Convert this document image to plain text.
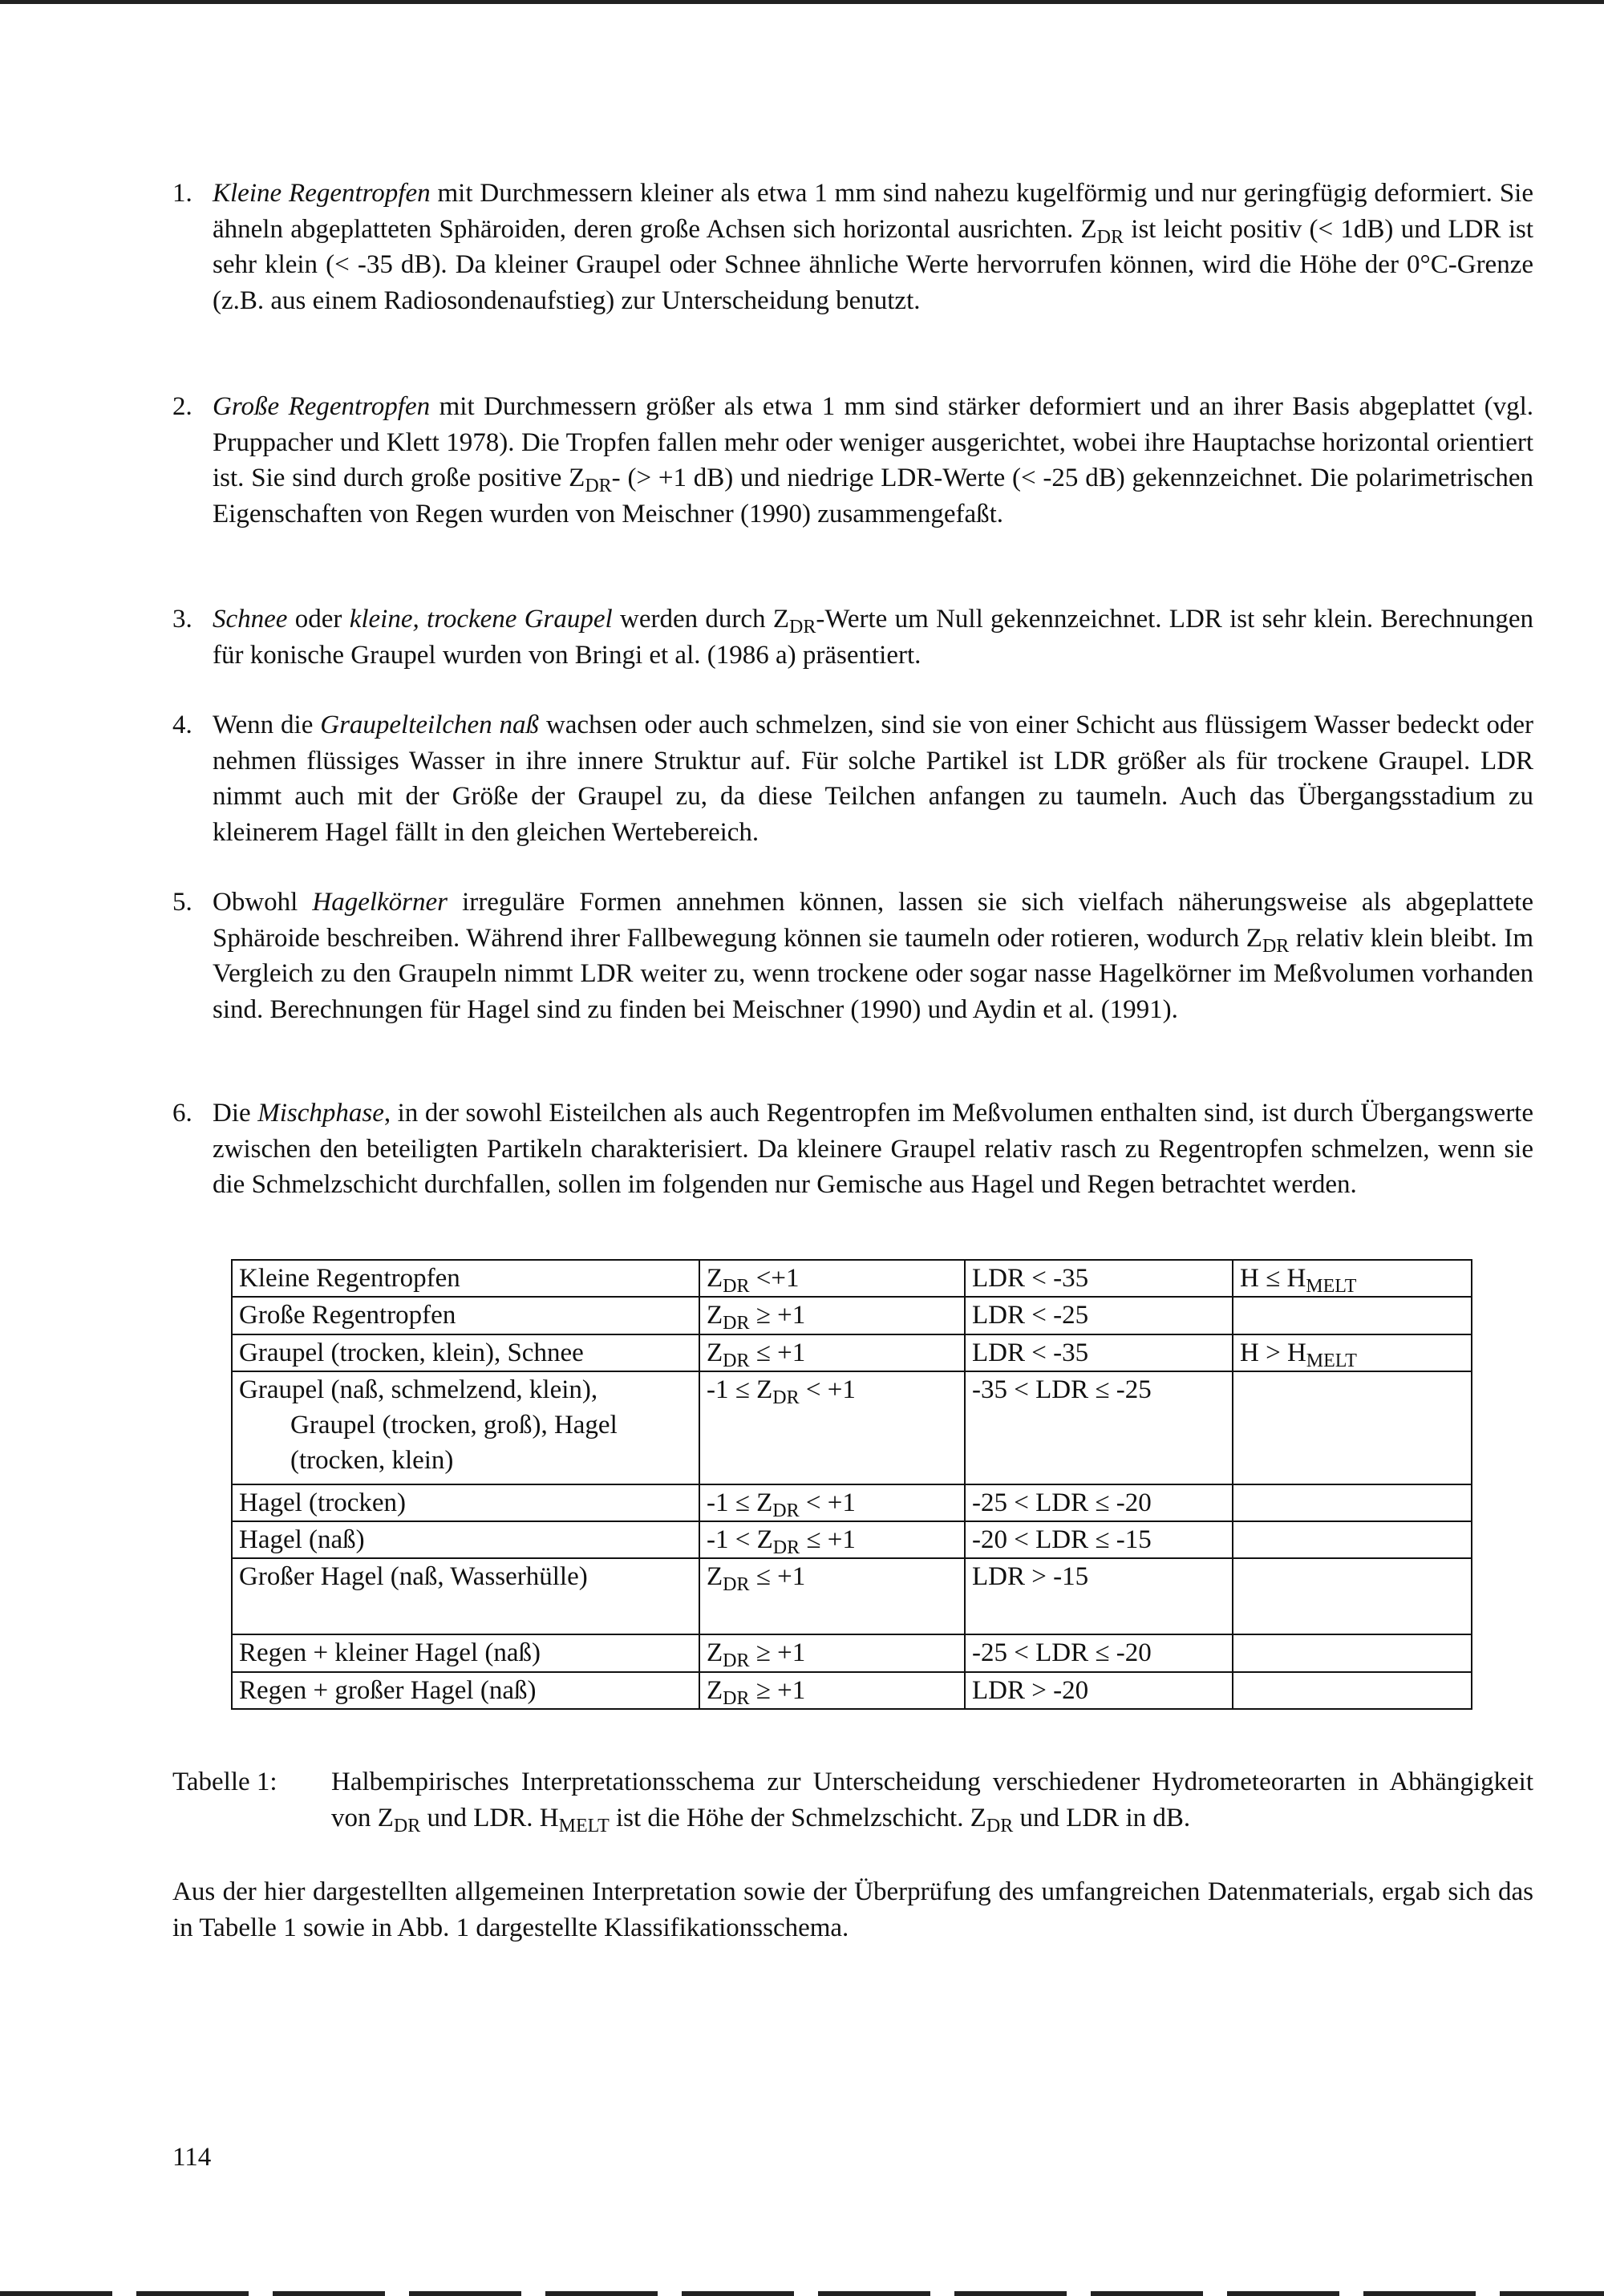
1. Kleine Regentropfen mit Durchmessern kleiner als etwa 1 mm sind nahezu kugelförmig und nur geringfügig deformiert. Sie ähneln abgeplatteten Sphäroiden, deren große Achsen sich horizontal ausrichten. $Z_{DR}$ ist leicht positiv (< 1dB) und LDR ist sehr klein (< -35 dB). Da kleiner Graupel oder Schnee ähnliche Werte hervorrufen können, wird die Höhe der 0°C-Grenze (z.B. aus einem Radiosondenaufstieg) zur Unterscheidung benutzt.
2. Große Regentropfen mit Durchmessern größer als etwa 1 mm sind stärker deformiert und an ihrer Basis abgeplattet (vgl. Pruppacher und Klett 1978). Die Tropfen fallen mehr oder weniger ausgerichtet, wobei ihre Hauptachse horizontal orientiert ist. Sie sind durch große positive $Z_{DR}-$ (> +1 dB) und niedrige LDR-Werte (< -25 dB) gekennzeichnet. Die polarimetrischen Eigenschaften von Regen wurden von Meischner (1990) zusammengefaßt.
3. Schnee oder kleine, trockene Graupel werden durch $Z_{DR}$-Werte um Null gekennzeichnet. LDR ist sehr klein. Berechnungen für konische Graupel wurden von Bringi et al. (1986 a) präsentiert.
4. Wenn die Graupelteilchen naß wachsen oder auch schmelzen, sind sie von einer Schicht aus flüssigem Wasser bedeckt oder nehmen flüssiges Wasser in ihre innere Struktur auf. Für solche Partikel ist LDR größer als für trockene Graupel. LDR nimmt auch mit der Größe der Graupel zu, da diese Teilchen anfangen zu taumeln. Auch das Übergangsstadium zu kleinerem Hagel fällt in den gleichen Wertebereich.
5. Obwohl Hagelkörner irreguläre Formen annehmen können, lassen sie sich vielfach näherungsweise als abgeplattete Sphäroide beschreiben. Während ihrer Fallbewegung können sie taumeln oder rotieren, wodurch $Z_{DR}$ relativ klein bleibt. Im Vergleich zu den Graupeln nimmt LDR weiter zu, wenn trockene oder sogar nasse Hagelkörner im Meßvolumen vorhanden sind. Berechnungen für Hagel sind zu finden bei Meischner (1990) und Aydin et al. (1991).
6. Die Mischphase, in der sowohl Eisteilchen als auch Regentropfen im Meßvolumen enthalten sind, ist durch Übergangswerte zwischen den beteiligten Partikeln charakterisiert. Da kleinere Graupel relativ rasch zu Regentropfen schmelzen, wenn sie die Schmelzschicht durchfallen, sollen im folgenden nur Gemische aus Hagel und Regen betrachtet werden.
Kleine Regentropfen	$Z_{DR} <+1$	LDR < -35	$H \le H_{MELT}$
Große Regentropfen	$Z_{DR} \ge +1$	LDR < -25	
Graupel (trocken, klein), Schnee	$Z_{DR} \le +1$	LDR < -35	$H > H_{MELT}$
Graupel (naß, schmelzend, klein),
Graupel (trocken, groß), Hagel (trocken, klein)	$-1 \le Z_{DR} < +1$	-35 < LDR ≤ -25	
Hagel (trocken)	$-1 \le Z_{DR} < +1$	-25 < LDR ≤ -20	
Hagel (naß)	$-1 < Z_{DR} \le +1$	-20 < LDR ≤ -15	
Großer Hagel (naß, Wasserhülle)	$Z_{DR} \le +1$	LDR > -15	
Regen + kleiner Hagel (naß)	$Z_{DR} \ge +1$	-25 < LDR ≤ -20	
Regen + großer Hagel (naß)	$Z_{DR} \ge +1$	LDR > -20	
Tabelle 1: Halbempirisches Interpretationsschema zur Unterscheidung verschiedener Hydrometeorarten in Abhängigkeit von $Z_{DR}$ und LDR. $H_{MELT}$ ist die Höhe der Schmelzschicht. $Z_{DR}$ und LDR in dB.
Aus der hier dargestellten allgemeinen Interpretation sowie der Überprüfung des umfangreichen Datenmaterials, ergab sich das in Tabelle 1 sowie in Abb. 1 dargestellte Klassifikationsschema.
114
